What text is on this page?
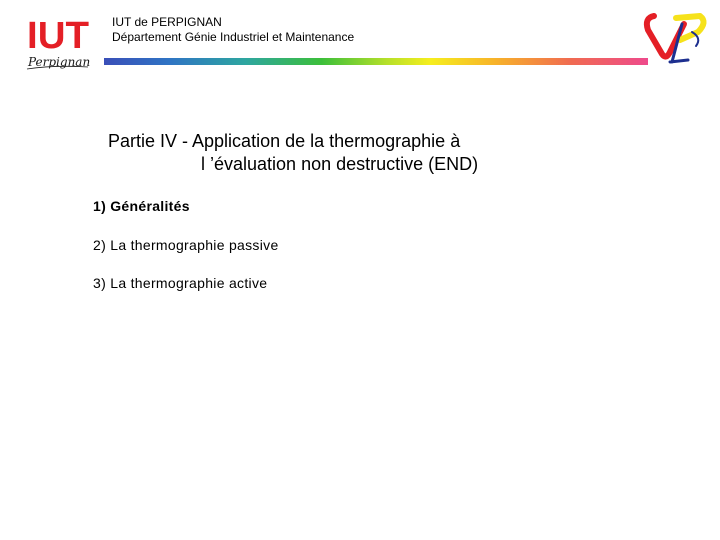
IUT
Perpignan
IUT de PERPIGNAN
Département Génie Industriel et Maintenance
Partie IV - Application de la thermographie à
l ’évaluation non destructive (END)
1) Généralités
2) La thermographie passive
3) La thermographie active
